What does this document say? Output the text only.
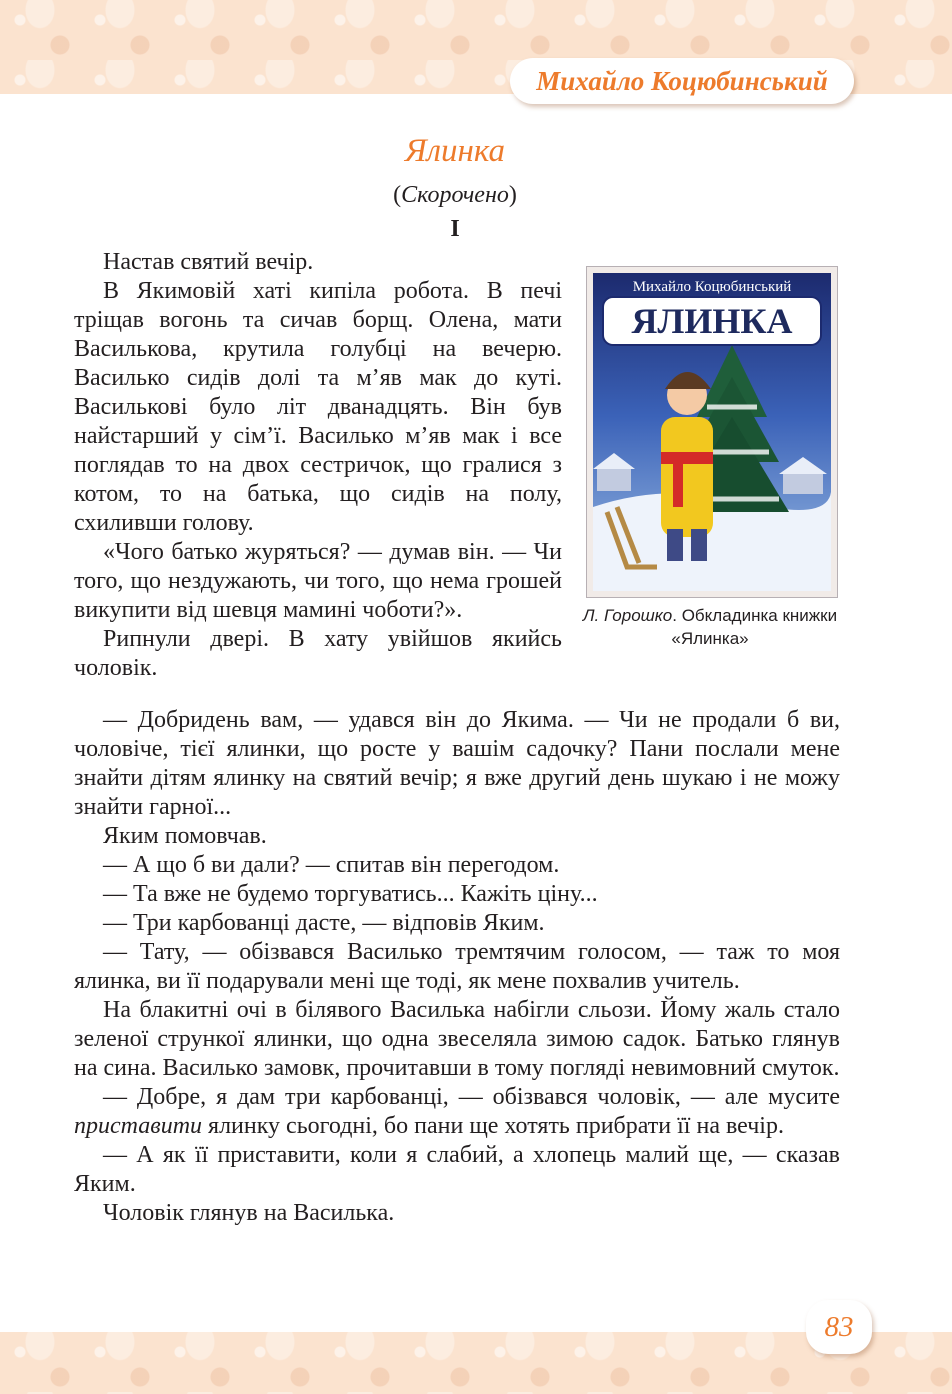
Михайло Коцюбинський
Ялинка
(Скорочено)
I

Настав святий вечір.

В Якимовій хаті кипіла робота. В печі тріщав вогонь та сичав борщ. Олена, мати Василькова, крутила голубці на вечерю. Василько сидів долі та м’яв мак до куті. Васильковi було літ дванадцять. Він був найстарший у сім’ї. Василько м’яв мак і все поглядав то на двох сестричок, що гралися з котом, то на батька, що сидів на полу, схиливши голову.

«Чого батько журяться? — думав він. — Чи того, що нездужають, чи того, що нема грошей викупити від шевця мамині чоботи?».

Рипнули двері. В хату увійшов якийсь чоловік.

Михайло Коцюбинський
ЯЛИНКА
Л. Горошко. Обкладинка книжки «Ялинка»

— Добридень вам, — удався він до Якима. — Чи не продали б ви, чоловіче, тієї ялинки, що росте у вашім садочку? Пани послали мене знайти дітям ялинку на святий вечір; я вже другий день шукаю і не можу знайти гарної...

Яким помовчав.

— А що б ви дали? — спитав він перегодом.

— Та вже не будемо торгуватись... Кажіть ціну...

— Три карбованці дасте, — відповів Яким.

— Тату, — обізвався Василько тремтячим голосом, — таж то моя ялинка, ви її подарували мені ще тоді, як мене похвалив учитель.

На блакитні очі в білявого Василька набігли сльози. Йому жаль стало зеленої стрункої ялинки, що одна звеселяла зимою садок. Батько глянув на сина. Василько замовк, прочитавши в тому погляді невимовний смуток.

— Добре, я дам три карбованці, — обізвався чоловік, — але мусите приставити ялинку сьогодні, бо пани ще хотять прибрати її на вечір.

— А як її приставити, коли я слабий, а хлопець малий ще, — сказав Яким.

Чоловік глянув на Василька.

83
